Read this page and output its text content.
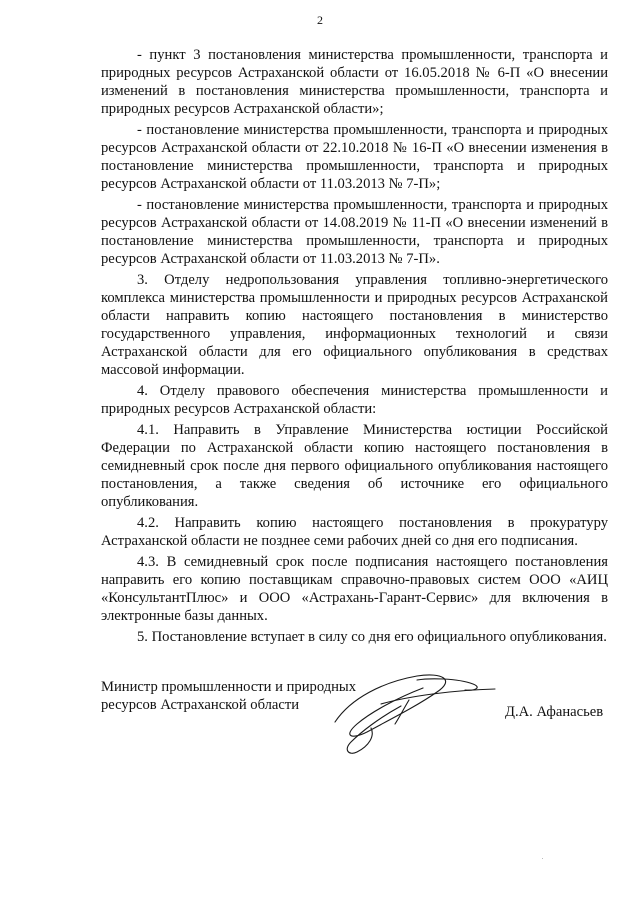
2

- пункт 3 постановления министерства промышленности, транспорта и природных ресурсов Астраханской области от 16.05.2018 № 6-П «О внесении изменений в постановления министерства промышленности, транспорта и природных ресурсов Астраханской области»;

- постановление министерства промышленности, транспорта и природных ресурсов Астраханской области от 22.10.2018 № 16-П «О внесении изменения в постановление министерства промышленности, транспорта и природных ресурсов Астраханской области от 11.03.2013 № 7-П»;

- постановление министерства промышленности, транспорта и природных ресурсов Астраханской области от 14.08.2019 № 11-П «О внесении изменений в постановление министерства промышленности, транспорта и природных ресурсов Астраханской области от 11.03.2013 № 7-П».

3. Отделу недропользования управления топливно-энергетического комплекса министерства промышленности и природных ресурсов Астраханской области направить копию настоящего постановления в министерство государственного управления, информационных технологий и связи Астраханской области для его официального опубликования в средствах массовой информации.

4. Отделу правового обеспечения министерства промышленности и природных ресурсов Астраханской области:

4.1. Направить в Управление Министерства юстиции Российской Федерации по Астраханской области копию настоящего постановления в семидневный срок после дня первого официального опубликования настоящего постановления, а также сведения об источнике его официального опубликования.

4.2. Направить копию настоящего постановления в прокуратуру Астраханской области не позднее семи рабочих дней со дня его подписания.

4.3. В семидневный срок после подписания настоящего постановления направить его копию поставщикам справочно-правовых систем ООО «АИЦ «КонсультантПлюс» и ООО «Астрахань-Гарант-Сервис» для включения в электронные базы данных.

5. Постановление вступает в силу со дня его официального опубликования.

Министр промышленности и природных
ресурсов Астраханской области	Д.А. Афанасьев
